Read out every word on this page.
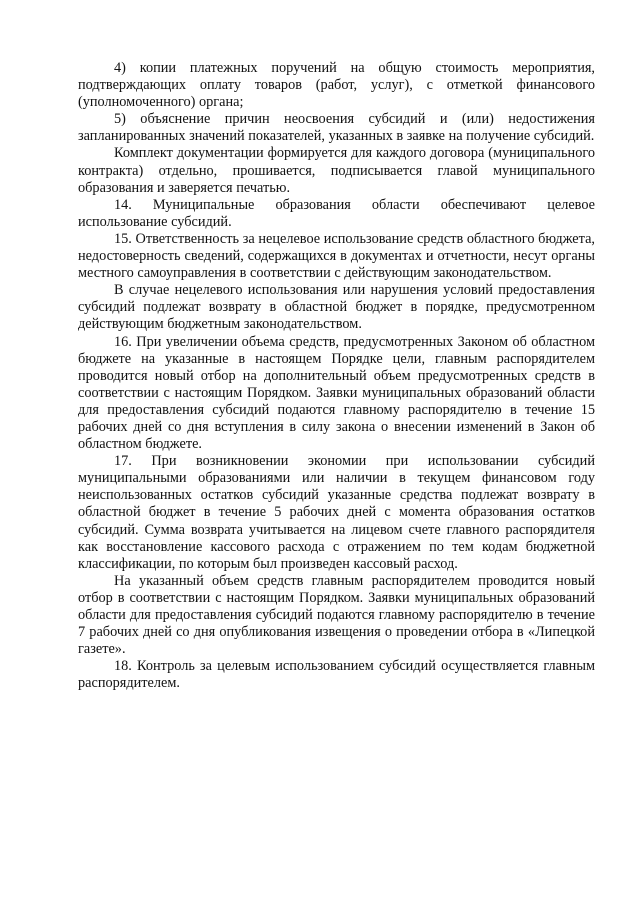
4) копии платежных поручений на общую стоимость мероприятия, подтверждающих оплату товаров (работ, услуг), с отметкой финансового (уполномоченного) органа;

5) объяснение причин неосвоения субсидий и (или) недостижения запланированных значений показателей, указанных в заявке на получение субсидий.

Комплект документации формируется для каждого договора (муниципального контракта) отдельно, прошивается, подписывается главой муниципального образования и заверяется печатью.

14. Муниципальные образования области обеспечивают целевое использование субсидий.

15. Ответственность за нецелевое использование средств областного бюджета, недостоверность сведений, содержащихся в документах и отчетности, несут органы местного самоуправления в соответствии с действующим законодательством.

В случае нецелевого использования или нарушения условий предоставления субсидий подлежат возврату в областной бюджет в порядке, предусмотренном действующим бюджетным законодательством.

16. При увеличении объема средств, предусмотренных Законом об областном бюджете на указанные в настоящем Порядке цели, главным распорядителем проводится новый отбор на дополнительный объем предусмотренных средств в соответствии с настоящим Порядком. Заявки муниципальных образований области для предоставления субсидий подаются главному распорядителю в течение 15 рабочих дней со дня вступления в силу закона о внесении изменений в Закон об областном бюджете.

17. При возникновении экономии при использовании субсидий муниципальными образованиями или наличии в текущем финансовом году неиспользованных остатков субсидий указанные средства подлежат возврату в областной бюджет в течение 5 рабочих дней с момента образования остатков субсидий. Сумма возврата учитывается на лицевом счете главного распорядителя как восстановление кассового расхода с отражением по тем кодам бюджетной классификации, по которым был произведен кассовый расход.

На указанный объем средств главным распорядителем проводится новый отбор в соответствии с настоящим Порядком. Заявки муниципальных образований области для предоставления субсидий подаются главному распорядителю в течение 7 рабочих дней со дня опубликования извещения о проведении отбора в «Липецкой газете».

18. Контроль за целевым использованием субсидий осуществляется главным распорядителем.
